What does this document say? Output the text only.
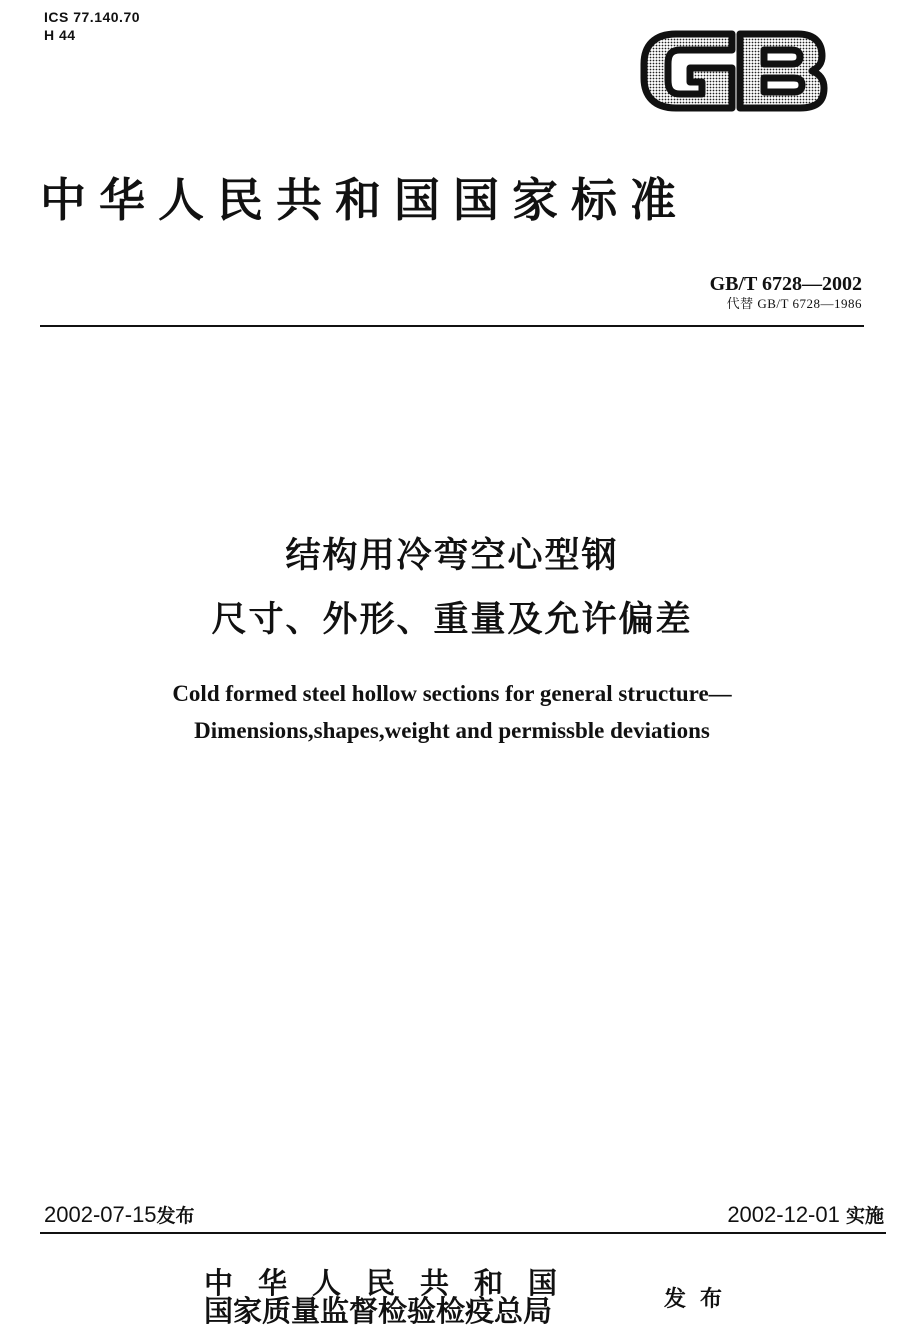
ICS 77.140.70
H 44
中华人民共和国国家标准
GB/T 6728—2002
代替 GB/T 6728—1986
结构用冷弯空心型钢
尺寸、外形、重量及允许偏差
Cold formed steel hollow sections for general structure—
Dimensions,shapes,weight and permissble deviations
2002-07-15发布	2002-12-01 实施
中华人民共和国
国家质量监督检验检疫总局	发布
